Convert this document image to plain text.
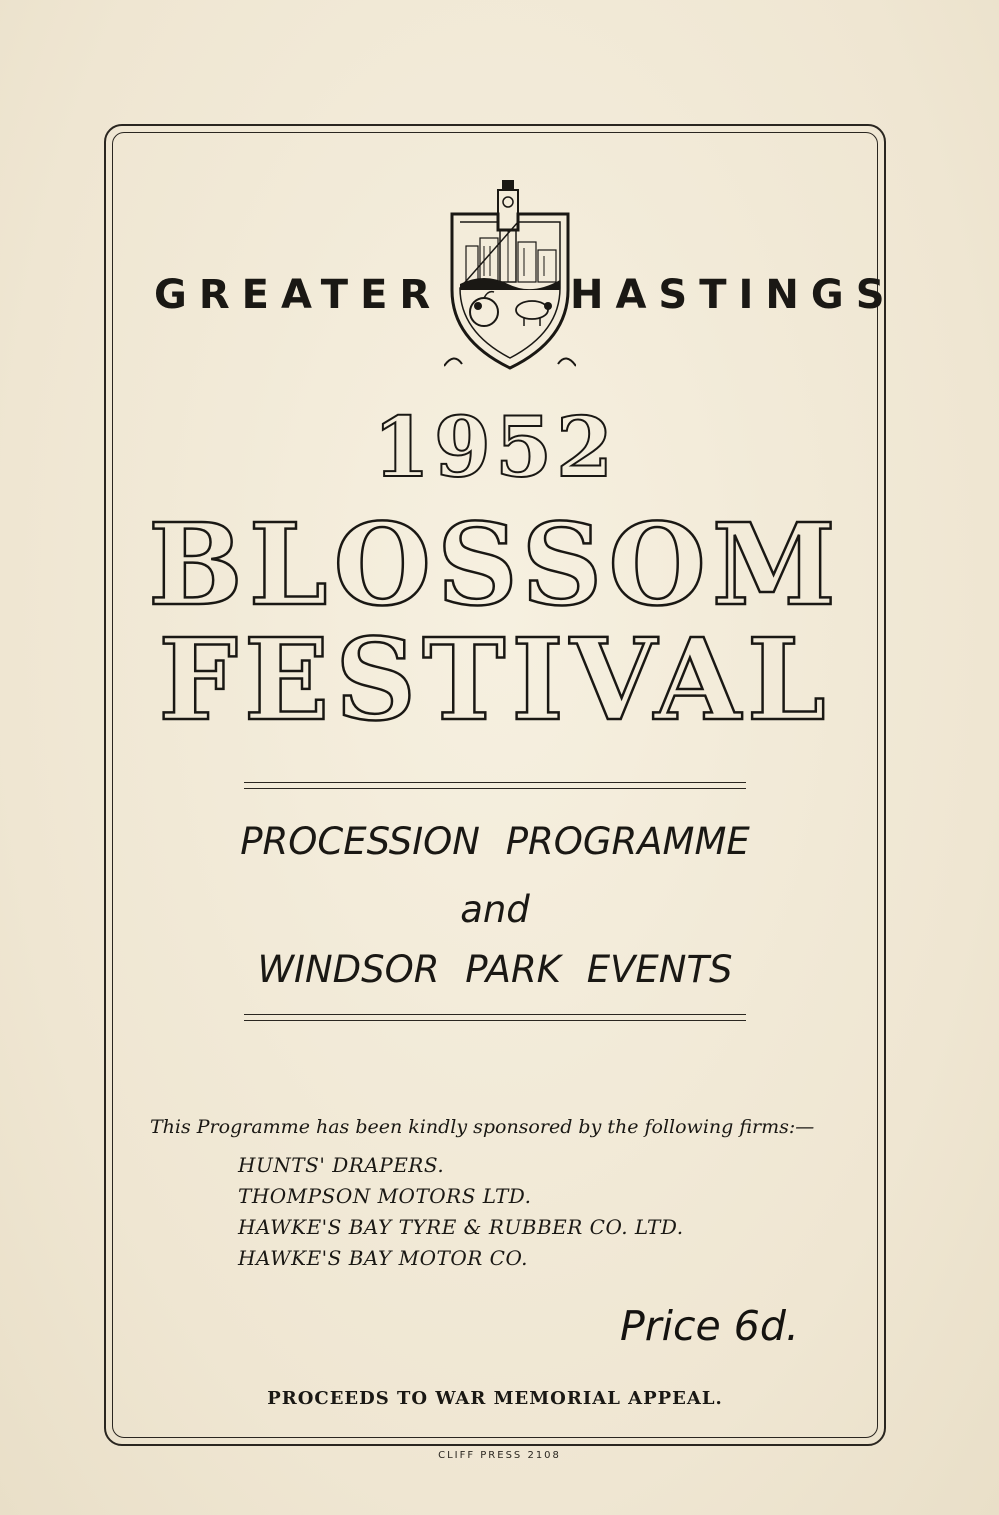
GREATER	HASTINGS
1952
BLOSSOM
FESTIVAL
PROCESSION PROGRAMME
and
WINDSOR PARK EVENTS
This Programme has been kindly sponsored by the following firms:—
HUNTS' DRAPERS.
THOMPSON MOTORS LTD.
HAWKE'S BAY TYRE & RUBBER CO. LTD.
HAWKE'S BAY MOTOR CO.
Price 6d.
PROCEEDS TO WAR MEMORIAL APPEAL.
CLIFF PRESS 2108
